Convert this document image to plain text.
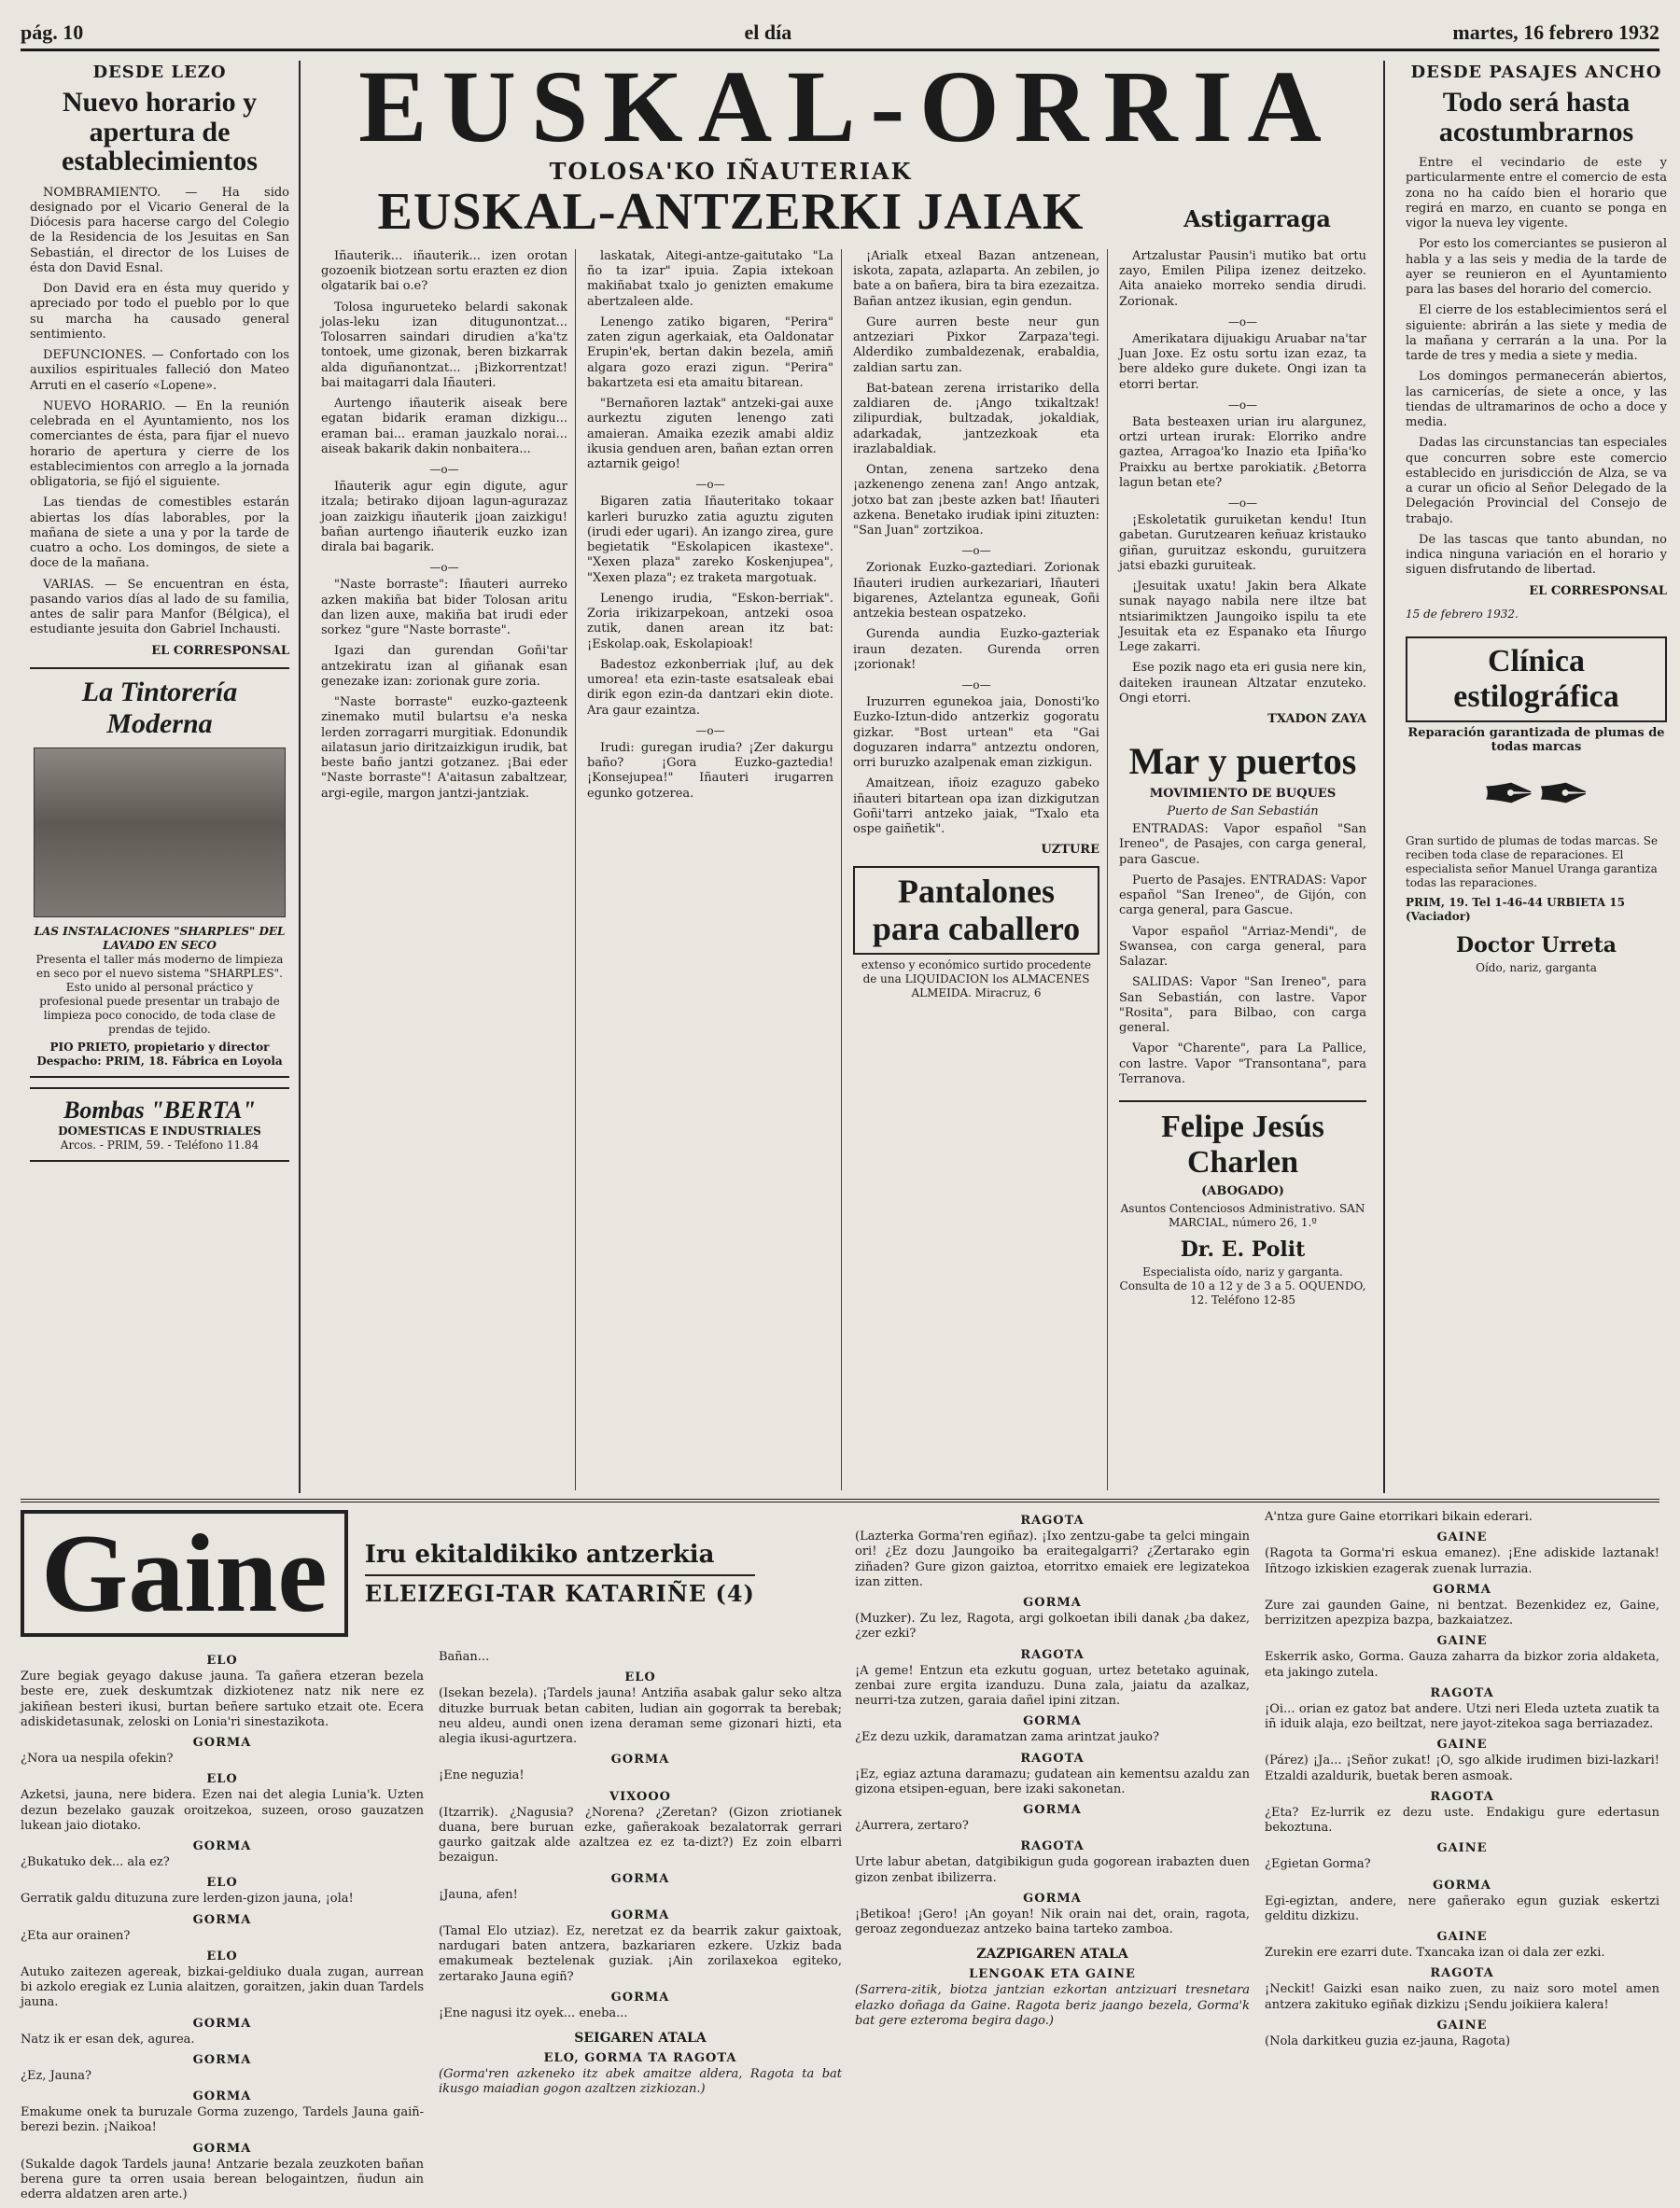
pág. 10	el día	martes, 16 febrero 1932
DESDE LEZO
Nuevo horario y apertura de establecimientos

NOMBRAMIENTO. — Ha sido designado por el Vicario General de la Diócesis para hacerse cargo del Colegio de la Residencia de los Jesuitas en San Sebastián, el director de los Luises de ésta don David Esnal.

Don David era en ésta muy querido y apreciado por todo el pueblo por lo que su marcha ha causado general sentimiento.

DEFUNCIONES. — Confortado con los auxilios espirituales falleció don Mateo Arruti en el caserío «Lopene».

NUEVO HORARIO. — En la reunión celebrada en el Ayuntamiento, nos los comerciantes de ésta, para fijar el nuevo horario de apertura y cierre de los establecimientos con arreglo a la jornada obligatoria, se fijó el siguiente.

Las tiendas de comestibles estarán abiertas los días laborables, por la mañana de siete a una y por la tarde de cuatro a ocho. Los domingos, de siete a doce de la mañana.

VARIAS. — Se encuentran en ésta, pasando varios días al lado de su familia, antes de salir para Manfor (Bélgica), el estudiante jesuita don Gabriel Inchausti.

EL CORRESPONSAL
La Tintorería Moderna
LAS INSTALACIONES "SHARPLES" DEL LAVADO EN SECO
Presenta el taller más moderno de limpieza en seco por el nuevo sistema "SHARPLES". Esto unido al personal práctico y profesional puede presentar un trabajo de limpieza poco conocido, de toda clase de prendas de tejido.
PIO PRIETO, propietario y director
Despacho: PRIM, 18. Fábrica en Loyola
Bombas "BERTA"
DOMESTICAS E INDUSTRIALES
Arcos. - PRIM, 59. - Teléfono 11.84
EUSKAL-ORRIA
TOLOSA'KO IÑAUTERIAK
EUSKAL-ANTZERKI JAIAK	Astigarraga

Iñauterik... iñauterik... izen orotan gozoenik biotzean sortu erazten ez dion olgatarik bai o.e?

Tolosa ingurueteko belardi sakonak jolas-leku izan ditugunontzat... Tolosarren saindari dirudien a'ka'tz tontoek, ume gizonak, beren bizkarrak alda diguñanontzat... ¡Bizkorrentzat! bai maitagarri dala Iñauteri.

Aurtengo iñauterik aiseak bere egatan bidarik eraman dizkigu... eraman bai... eraman jauzkalo norai... aiseak bakarik dakin nonbaitera...

—o—

Iñauterik agur egin digute, agur itzala; betirako dijoan lagun-agurazaz joan zaizkigu iñauterik ¡joan zaizkigu! bañan aurtengo iñauterik euzko izan dirala bai bagarik.

—o—

"Naste borraste": Iñauteri aurreko azken makiña bat bider Tolosan aritu dan lizen auxe, makiña bat irudi eder sorkez "gure "Naste borraste".

Igazi dan gurendan Goñi'tar antzekiratu izan al giñanak esan genezake izan: zorionak gure zoria.

"Naste borraste" euzko-gazteenk zinemako mutil bulartsu e'a neska lerden zorragarri murgitiak. Edonundik ailatasun jario diritzaizkigun irudik, bat beste baño jantzi gotzanez. ¡Bai eder "Naste borraste"! A'aitasun zabaltzear, argi-egile, margon jantzi-jantziak.

laskatak, Aitegi-antze-gaitutako "La ño ta izar" ipuia. Zapia ixtekoan makiñabat txalo jo genizten emakume abertzaleen alde.

Lenengo zatiko bigaren, "Perira" zaten zigun agerkaiak, eta Oaldonatar Erupin'ek, bertan dakin bezela, amiñ algara gozo erazi zigun. "Perira" bakartzeta esi eta amaitu bitarean.

"Bernañoren laztak" antzeki-gai auxe aurkeztu ziguten lenengo zati amaieran. Amaika ezezik amabi aldiz ikusia genduen aren, bañan eztan orren aztarnik geigo!

—o—

Bigaren zatia Iñauteritako tokaar karleri buruzko zatia aguztu ziguten (irudi eder ugari). An izango zirea, gure begietatik "Eskolapicen ikastexe". "Xexen plaza" zareko Koskenjupea", "Xexen plaza"; ez traketa margotuak.

Lenengo irudia, "Eskon-berriak". Zoria irikizarpekoan, antzeki osoa zutik, danen arean itz bat: ¡Eskolap.oak, Eskolapioak!

Badestoz ezkonberriak ¡luf, au dek umorea! eta ezin-taste esatsaleak ebai dirik egon ezin-da dantzari ekin diote. Ara gaur ezaintza.

—o—

Irudi: guregan irudia? ¡Zer dakurgu baño? ¡Gora Euzko-gaztedia! ¡Konsejupea!" Iñauteri irugarren egunko gotzerea.

¡Arialk etxeal Bazan antzenean, iskota, zapata, azlaparta. An zebilen, jo bate a on bañera, bira ta bira ezezaitza. Bañan antzez ikusian, egin gendun.

Gure aurren beste neur gun antzeziari Pixkor Zarpaza'tegi. Alderdiko zumbaldezenak, erabaldia, zaldian sartu zan.

Bat-batean zerena irristariko della zaldiaren de. ¡Ango txikaltzak! zilipurdiak, bultzadak, jokaldiak, adarkadak, jantzezkoak eta irazlabaldiak.

Ontan, zenena sartzeko dena ¡azkenengo zenena zan! Ango antzak, jotxo bat zan ¡beste azken bat! Iñauteri azkena. Benetako irudiak ipini zituzten: "San Juan" zortzikoa.

—o—

Zorionak Euzko-gaztediari. Zorionak Iñauteri irudien aurkezariari, Iñauteri bigarenes, Aztelantza eguneak, Goñi antzekia bestean ospatzeko.

Gurenda aundia Euzko-gazteriak iraun dezaten. Gurenda orren ¡zorionak!

—o—

Iruzurren egunekoa jaia, Donosti'ko Euzko-Iztun-dido antzerkiz gogoratu gizkar. "Bost urtean" eta "Gai doguzaren indarra" antzeztu ondoren, orri buruzko azalpenak eman zizkigun.

Amaitzean, iñoiz ezaguzo gabeko iñauteri bitartean opa izan dizkigutzan Goñi'tarri antzeko jaiak, "Txalo eta ospe gaiñetik".

UZTURE
Pantalones para caballero
extenso y económico surtido procedente de una LIQUIDACION los ALMACENES ALMEIDA. Miracruz, 6

Artzalustar Pausin'i mutiko bat ortu zayo, Emilen Pilipa izenez deitzeko. Aita anaieko morreko sendia dirudi. Zorionak.

—o—

Amerikatara dijuakigu Aruabar na'tar Juan Joxe. Ez ostu sortu izan ezaz, ta bere aldeko gure dukete. Ongi izan ta etorri bertar.

—o—

Bata besteaxen urian iru alargunez, ortzi urtean irurak: Elorriko andre gaztea, Arragoa'ko Inazio eta Ipiña'ko Praixku au bertxe parokiatik. ¿Betorra lagun betan ete?

—o—

¡Eskoletatik guruiketan kendu! Itun gabetan. Gurutzearen keñuaz kristauko giñan, guruitzaz eskondu, guruitzera jatsi ebazki guruiteak.

¡Jesuitak uxatu! Jakin bera Alkate sunak nayago nabila nere iltze bat ntsiarimiktzen Jaungoiko ispilu ta ete Jesuitak eta ez Espanako eta Iñurgo Lege zakarri.

Ese pozik nago eta eri gusia nere kin, daiteken iraunean Altzatar enzuteko. Ongi etorri.

TXADON ZAYA
Mar y puertos
MOVIMIENTO DE BUQUES
Puerto de San Sebastián

ENTRADAS: Vapor español "San Ireneo", de Pasajes, con carga general, para Gascue.

Puerto de Pasajes. ENTRADAS: Vapor español "San Ireneo", de Gijón, con carga general, para Gascue.

Vapor español "Arriaz-Mendi", de Swansea, con carga general, para Salazar.

SALIDAS: Vapor "San Ireneo", para San Sebastián, con lastre. Vapor "Rosita", para Bilbao, con carga general.

Vapor "Charente", para La Pallice, con lastre. Vapor "Transontana", para Terranova.

Felipe Jesús Charlen
(ABOGADO)
Asuntos Contenciosos Administrativo. SAN MARCIAL, número 26, 1.º
Dr. E. Polit
Especialista oído, nariz y garganta. Consulta de 10 a 12 y de 3 a 5. OQUENDO, 12. Teléfono 12-85
DESDE PASAJES ANCHO
Todo será hasta acostumbrarnos

Entre el vecindario de este y particularmente entre el comercio de esta zona no ha caído bien el horario que regirá en marzo, en cuanto se ponga en vigor la nueva ley vigente.

Por esto los comerciantes se pusieron al habla y a las seis y media de la tarde de ayer se reunieron en el Ayuntamiento para las bases del horario del comercio.

El cierre de los establecimientos será el siguiente: abrirán a las siete y media de la mañana y cerrarán a la una. Por la tarde de tres y media a siete y media.

Los domingos permanecerán abiertos, las carnicerías, de siete a once, y las tiendas de ultramarinos de ocho a doce y media.

Dadas las circunstancias tan especiales que concurren sobre este comercio establecido en jurisdicción de Alza, se va a curar un oficio al Señor Delegado de la Delegación Provincial del Consejo de trabajo.

De las tascas que tanto abundan, no indica ninguna variación en el horario y siguen disfrutando de libertad.

EL CORRESPONSAL
15 de febrero 1932.
Clínica estilográfica
Reparación garantizada de plumas de todas marcas
✒✒
Gran surtido de plumas de todas marcas. Se reciben toda clase de reparaciones. El especialista señor Manuel Uranga garantiza todas las reparaciones.
PRIM, 19. Tel 1-46-44 URBIETA 15 (Vaciador)
Doctor Urreta
Oído, nariz, garganta
Gaine	Iru ekitaldikiko antzerkia
ELEIZEGI-TAR KATARIÑE (4)
ELO

Zure begiak geyago dakuse jauna. Ta gañera etzeran bezela beste ere, zuek deskumtzak dizkiotenez natz nik nere ez jakiñean besteri ikusi, burtan beñere sartuko etzait ote. Ecera adiskidetasunak, zeloski on Lonia'ri sinestazikota.

GORMA

¿Nora ua nespila ofekin?

ELO

Azketsi, jauna, nere bidera. Ezen nai det alegia Lunia'k. Uzten dezun bezelako gauzak oroitzekoa, suzeen, oroso gauzatzen lukean jaio diotako.

GORMA

¿Bukatuko dek... ala ez?

ELO

Gerratik galdu dituzuna zure lerden-gizon jauna, ¡ola!

GORMA

¿Eta aur orainen?

ELO

Autuko zaitezen agereak, bizkai-geldiuko duala zugan, aurrean bi azkolo eregiak ez Lunia alaitzen, goraitzen, jakin duan Tardels jauna.

GORMA

Natz ik er esan dek, agurea.

GORMA

¿Ez, Jauna?

GORMA

Emakume onek ta buruzale Gorma zuzengo, Tardels Jauna gaiñ-berezi bezin. ¡Naikoa!

GORMA

(Sukalde dagok Tardels jauna! Antzarie bezala zeuzkoten bañan berena gure ta orren usaia berean belogaintzen, ñudun ain ederra aldatzen aren arte.)

Bañan...

ELO

(Isekan bezela). ¡Tardels jauna! Antziña asabak galur seko altza dituzke burruak betan cabiten, ludian ain gogorrak ta berebak; neu aldeu, aundi onen izena deraman seme gizonari hizti, eta alegia ikusi-agurtzera.

GORMA

¡Ene neguzia!

VIXOOO

(Itzarrik). ¿Nagusia? ¿Norena? ¿Zeretan? (Gizon zriotianek duana, bere buruan ezke, gañerakoak bezalatorrak gerrari gaurko gaitzak alde azaltzea ez ez ta-dizt?) Ez zoin elbarri bezaigun.

GORMA

¡Jauna, afen!

GORMA

(Tamal Elo utziaz). Ez, neretzat ez da bearrik zakur gaixtoak, nardugari baten antzera, bazkariaren ezkere. Uzkiz bada emakumeak beztelenak guziak. ¡Ain zorilaxekoa egiteko, zertarako Jauna egiñ?

GORMA

¡Ene nagusi itz oyek... eneba...

SEIGAREN ATALA
ELO, GORMA TA RAGOTA

(Gorma'ren azkeneko itz abek amaitze aldera, Ragota ta bat ikusgo maiadian gogon azaltzen zizkiozan.)

RAGOTA

(Lazterka Gorma'ren egiñaz). ¡Ixo zentzu-gabe ta gelci mingain ori! ¿Ez dozu Jaungoiko ba eraitegalgarri? ¿Zertarako egin ziñaden? Gure gizon gaiztoa, etorritxo emaiek ere legizatekoa izan zitten.

GORMA

(Muzker). Zu lez, Ragota, argi golkoetan ibili danak ¿ba dakez, ¿zer ezki?

RAGOTA

¡A geme! Entzun eta ezkutu goguan, urtez betetako aguinak, zenbai zure ergita izanduzu. Duna zala, jaiatu da azalkaz, neurri-tza zutzen, garaia dañel ipini zitzan.

GORMA

¿Ez dezu uzkik, daramatzan zama arintzat jauko?

RAGOTA

¡Ez, egiaz aztuna daramazu; gudatean ain kementsu azaldu zan gizona etsipen-eguan, bere izaki sakonetan.

GORMA

¿Aurrera, zertaro?

RAGOTA

Urte labur abetan, datgibikigun guda gogorean irabazten duen gizon zenbat ibilizerra.

GORMA

¡Betikoa! ¡Gero! ¡An goyan! Nik orain nai det, orain, ragota, geroaz zegonduezaz antzeko baina tarteko zamboa.

ZAZPIGAREN ATALA
LENGOAK ETA GAINE

(Sarrera-zitik, biotza jantzian ezkortan antzizuari tresnetara elazko doñaga da Gaine. Ragota beriz jaango bezela, Gorma'k bat gere ezteroma begira dago.)

A'ntza gure Gaine etorrikari bikain ederari.

GAINE

(Ragota ta Gorma'ri eskua emanez). ¡Ene adiskide laztanak! Iñtzogo izkiskien ezagerak zuenak lurrazia.

GORMA

Zure zai gaunden Gaine, ni bentzat. Bezenkidez ez, Gaine, berrizitzen apezpiza bazpa, bazkaiatzez.

GAINE

Eskerrik asko, Gorma. Gauza zaharra da bizkor zoria aldaketa, eta jakingo zutela.

RAGOTA

¡Oi... orian ez gatoz bat andere. Utzi neri Eleda uzteta zuatik ta iñ iduik alaja, ezo beiltzat, nere jayot-zitekoa saga berriazadez.

GAINE

(Párez) ¡Ja... ¡Señor zukat! ¡O, sgo alkide irudimen bizi-lazkari! Etzaldi azaldurik, buetak beren asmoak.

RAGOTA

¿Eta? Ez-lurrik ez dezu uste. Endakigu gure edertasun bekoztuna.

GAINE

¿Egietan Gorma?

GORMA

Egi-egiztan, andere, nere gañerako egun guziak eskertzi gelditu dizkizu.

GAINE

Zurekin ere ezarri dute. Txancaka izan oi dala zer ezki.

RAGOTA

¡Neckit! Gaizki esan naiko zuen, zu naiz soro motel amen antzera zakituko egiñak dizkizu ¡Sendu joikiiera kalera!

GAINE

(Nola darkitkeu guzia ez-jauna, Ragota)
